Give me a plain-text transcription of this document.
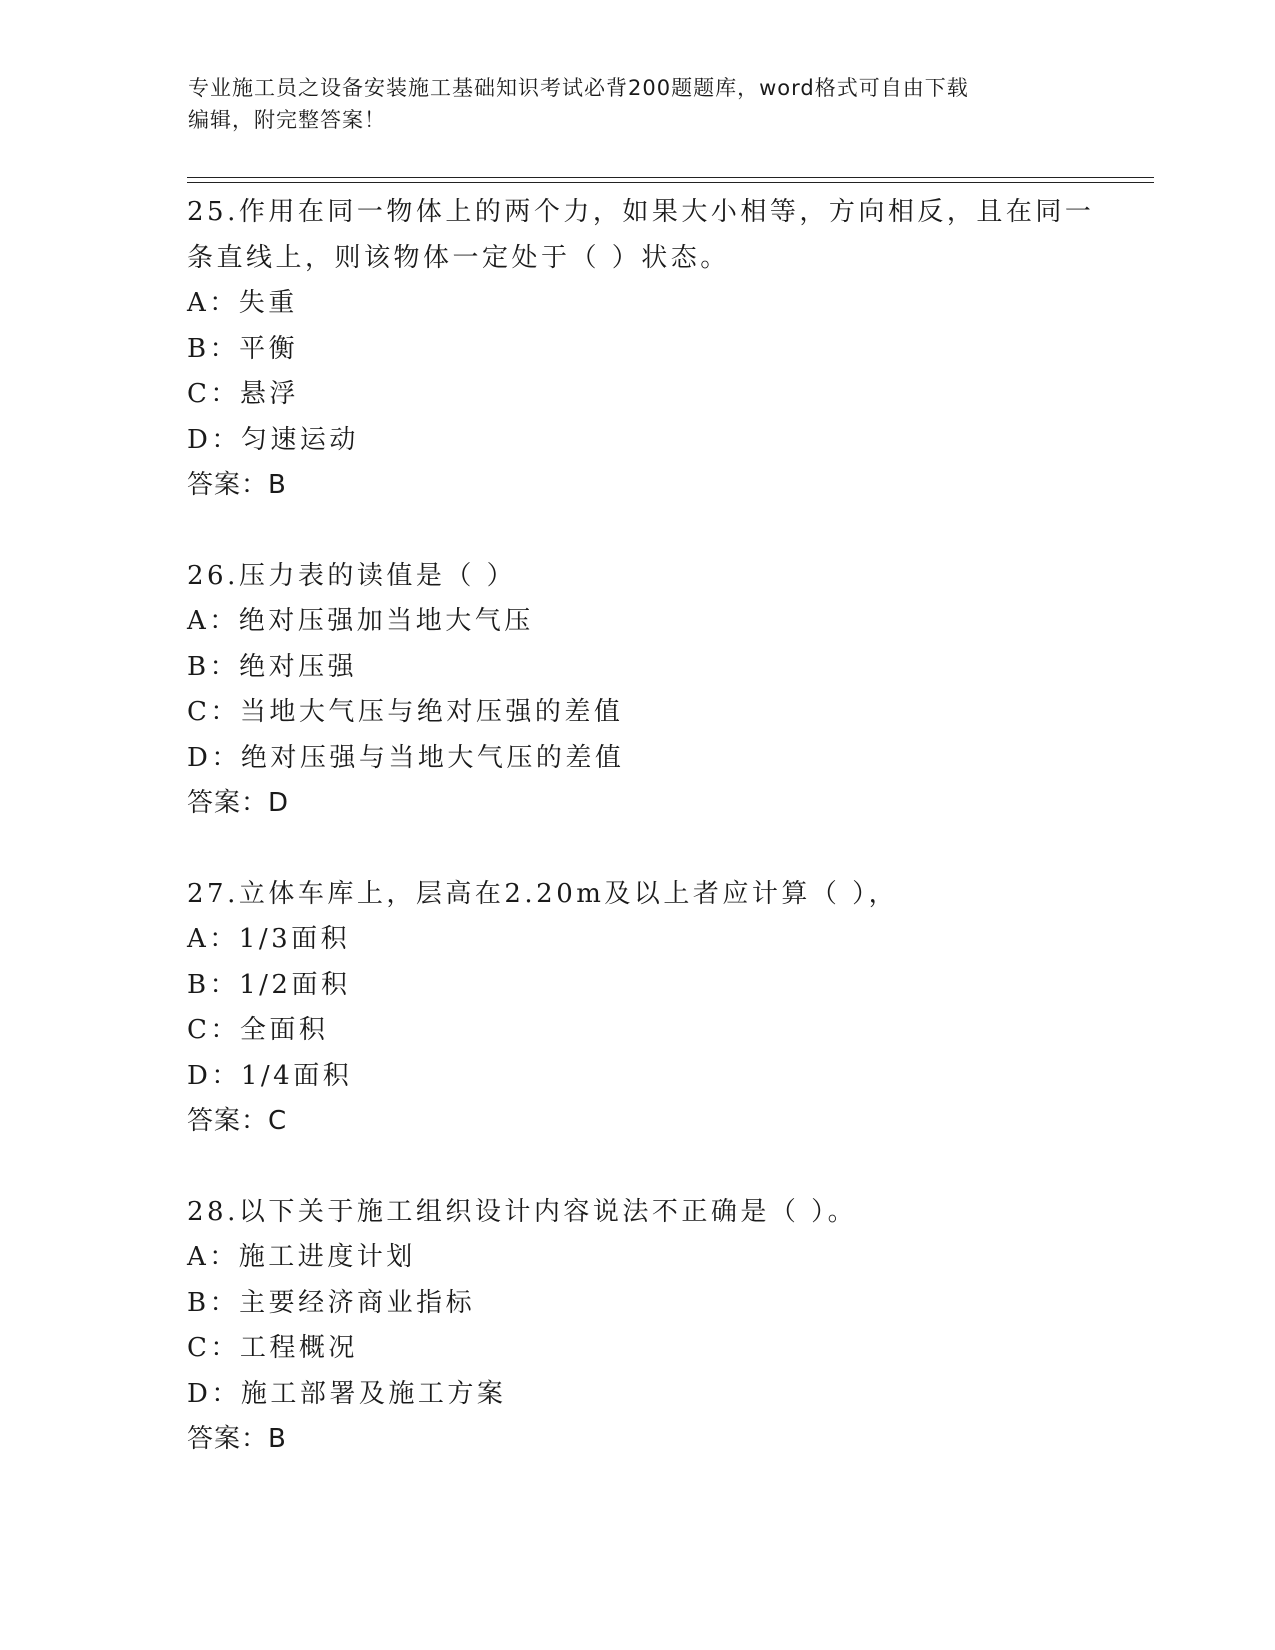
专业施工员之设备安装施工基础知识考试必背200题题库，word格式可自由下载
编辑，附完整答案！
25.作用在同一物体上的两个力，如果大小相等，方向相反，且在同一
条直线上，则该物体一定处于（ ）状态。
A：失重
B：平衡
C：悬浮
D：匀速运动
答案：B
26.压力表的读值是（ ）
A：绝对压强加当地大气压
B：绝对压强
C：当地大气压与绝对压强的差值
D：绝对压强与当地大气压的差值
答案：D
27.立体车库上，层高在2.20m及以上者应计算（ ），
A：1/3面积
B：1/2面积
C：全面积
D：1/4面积
答案：C
28.以下关于施工组织设计内容说法不正确是（ ）。
A：施工进度计划
B：主要经济商业指标
C：工程概况
D：施工部署及施工方案
答案：B
